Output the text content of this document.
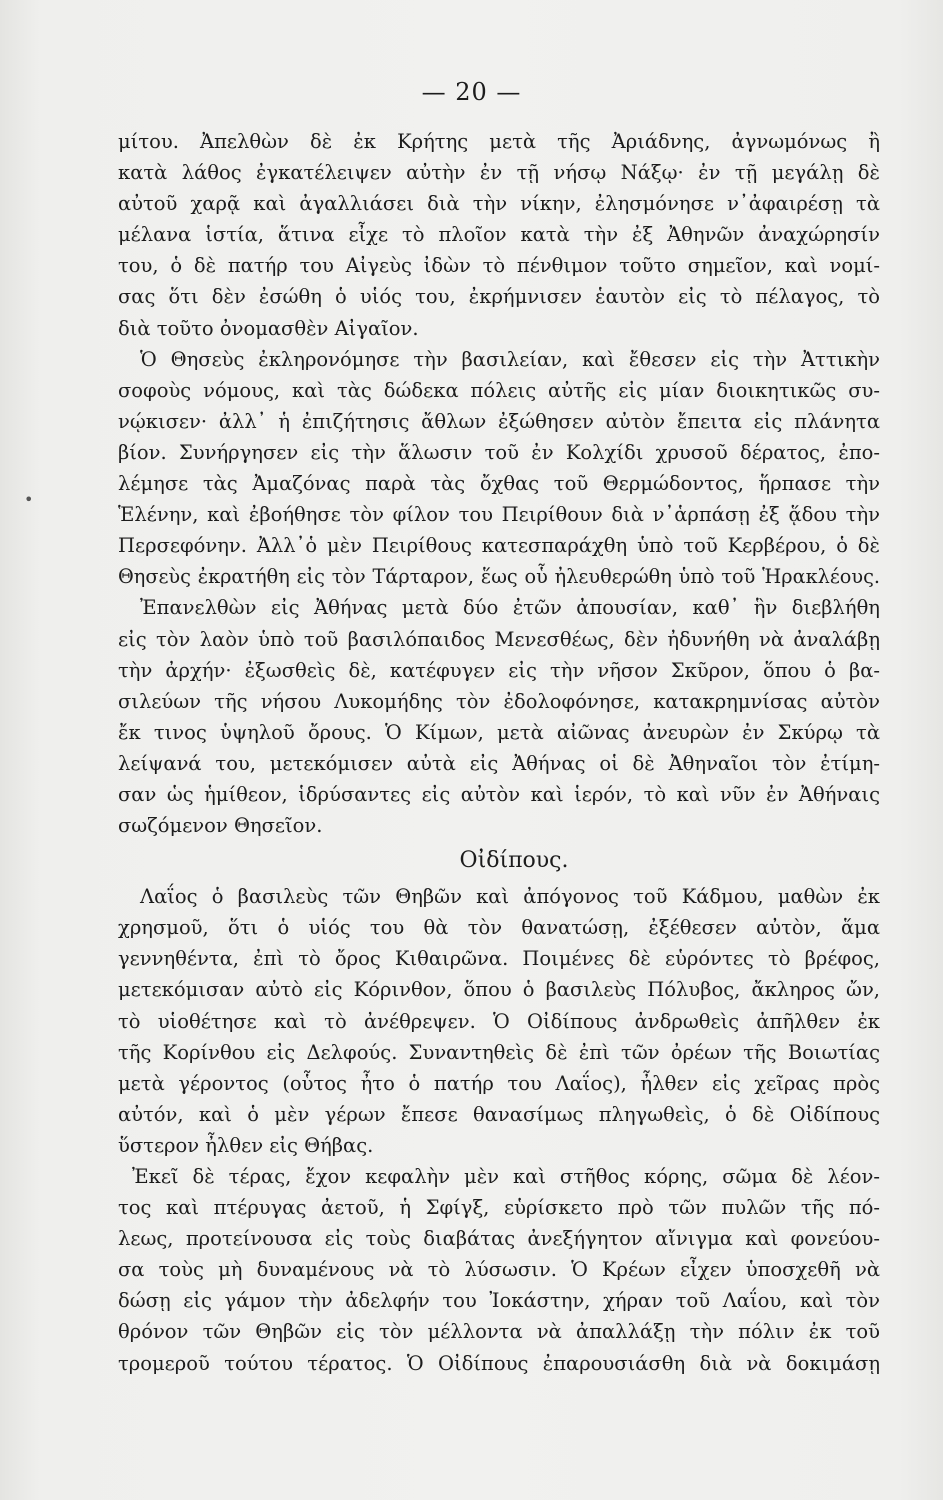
— 20 —
•
μίτου. Ἀπελθὼν δὲ ἐκ Κρήτης μετὰ τῆς Ἀριάδνης, ἀγνωμόνως ἢ
κατὰ λάθος ἐγκατέλειψεν αὐτὴν ἐν τῇ νήσῳ Νάξῳ· ἐν τῇ μεγάλῃ δὲ
αὐτοῦ χαρᾷ καὶ ἀγαλλιάσει διὰ τὴν νίκην, ἐλησμόνησε ν᾽ἀφαιρέσῃ τὰ
μέλανα ἱστία, ἅτινα εἶχε τὸ πλοῖον κατὰ τὴν ἐξ Ἀθηνῶν ἀναχώρησίν
του, ὁ δὲ πατήρ του Αἰγεὺς ἰδὼν τὸ πένθιμον τοῦτο σημεῖον, καὶ νομί-
σας ὅτι δὲν ἐσώθη ὁ υἱός του, ἐκρήμνισεν ἑαυτὸν εἰς τὸ πέλαγος, τὸ
διὰ τοῦτο ὀνομασθὲν Αἰγαῖον.
Ὁ Θησεὺς ἐκληρονόμησε τὴν βασιλείαν, καὶ ἔθεσεν εἰς τὴν Ἀττικὴν
σοφοὺς νόμους, καὶ τὰς δώδεκα πόλεις αὐτῆς εἰς μίαν διοικητικῶς συ-
νῴκισεν· ἀλλ᾽ ἡ ἐπιζήτησις ἄθλων ἐξώθησεν αὐτὸν ἔπειτα εἰς πλάνητα
βίον. Συνήργησεν εἰς τὴν ἅλωσιν τοῦ ἐν Κολχίδι χρυσοῦ δέρατος, ἐπο-
λέμησε τὰς Ἀμαζόνας παρὰ τὰς ὄχθας τοῦ Θερμώδοντος, ἥρπασε τὴν
Ἑλένην, καὶ ἐβοήθησε τὸν φίλον του Πειρίθουν διὰ ν᾽ἁρπάσῃ ἐξ ᾅδου τὴν
Περσεφόνην. Ἀλλ᾽ὁ μὲν Πειρίθους κατεσπαράχθη ὑπὸ τοῦ Κερβέρου, ὁ δὲ
Θησεὺς ἐκρατήθη εἰς τὸν Τάρταρον, ἕως οὗ ἠλευθερώθη ὑπὸ τοῦ Ἡρακλέους.
Ἐπανελθὼν εἰς Ἀθήνας μετὰ δύο ἐτῶν ἀπουσίαν, καθ᾽ ἣν διεβλήθη
εἰς τὸν λαὸν ὑπὸ τοῦ βασιλόπαιδος Μενεσθέως, δὲν ἠδυνήθη νὰ ἀναλάβῃ
τὴν ἀρχήν· ἐξωσθεὶς δὲ, κατέφυγεν εἰς τὴν νῆσον Σκῦρον, ὅπου ὁ βα-
σιλεύων τῆς νήσου Λυκομήδης τὸν ἐδολοφόνησε, κατακρημνίσας αὐτὸν
ἔκ τινος ὑψηλοῦ ὄρους. Ὁ Κίμων, μετὰ αἰῶνας ἀνευρὼν ἐν Σκύρῳ τὰ
λείψανά του, μετεκόμισεν αὐτὰ εἰς Ἀθήνας οἱ δὲ Ἀθηναῖοι τὸν ἐτίμη-
σαν ὡς ἡμίθεον, ἱδρύσαντες εἰς αὐτὸν καὶ ἱερόν, τὸ καὶ νῦν ἐν Ἀθήναις
σωζόμενον Θησεῖον.
Οἰδίπους.
Λαΐος ὁ βασιλεὺς τῶν Θηβῶν καὶ ἀπόγονος τοῦ Κάδμου, μαθὼν ἐκ
χρησμοῦ, ὅτι ὁ υἱός του θὰ τὸν θανατώσῃ, ἐξέθεσεν αὐτὸν, ἅμα
γεννηθέντα, ἐπὶ τὸ ὄρος Κιθαιρῶνα. Ποιμένες δὲ εὑρόντες τὸ βρέφος,
μετεκόμισαν αὐτὸ εἰς Κόρινθον, ὅπου ὁ βασιλεὺς Πόλυβος, ἄκληρος ὤν,
τὸ υἱοθέτησε καὶ τὸ ἀνέθρεψεν. Ὁ Οἰδίπους ἀνδρωθεὶς ἀπῆλθεν ἐκ
τῆς Κορίνθου εἰς Δελφούς. Συναντηθεὶς δὲ ἐπὶ τῶν ὀρέων τῆς Βοιωτίας
μετὰ γέροντος (οὗτος ἦτο ὁ πατήρ του Λαΐος), ἦλθεν εἰς χεῖρας πρὸς
αὐτόν, καὶ ὁ μὲν γέρων ἔπεσε θανασίμως πληγωθεὶς, ὁ δὲ Οἰδίπους
ὕστερον ἦλθεν εἰς Θήβας.
Ἐκεῖ δὲ τέρας, ἔχον κεφαλὴν μὲν καὶ στῆθος κόρης, σῶμα δὲ λέον-
τος καὶ πτέρυγας ἀετοῦ, ἡ Σφίγξ, εὑρίσκετο πρὸ τῶν πυλῶν τῆς πό-
λεως, προτείνουσα εἰς τοὺς διαβάτας ἀνεξήγητον αἴνιγμα καὶ φονεύου-
σα τοὺς μὴ δυναμένους νὰ τὸ λύσωσιν. Ὁ Κρέων εἶχεν ὑποσχεθῆ νὰ
δώσῃ εἰς γάμον τὴν ἀδελφήν του Ἰοκάστην, χήραν τοῦ Λαΐου, καὶ τὸν
θρόνον τῶν Θηβῶν εἰς τὸν μέλλοντα νὰ ἀπαλλάξῃ τὴν πόλιν ἐκ τοῦ
τρομεροῦ τούτου τέρατος. Ὁ Οἰδίπους ἐπαρουσιάσθη διὰ νὰ δοκιμάσῃ
